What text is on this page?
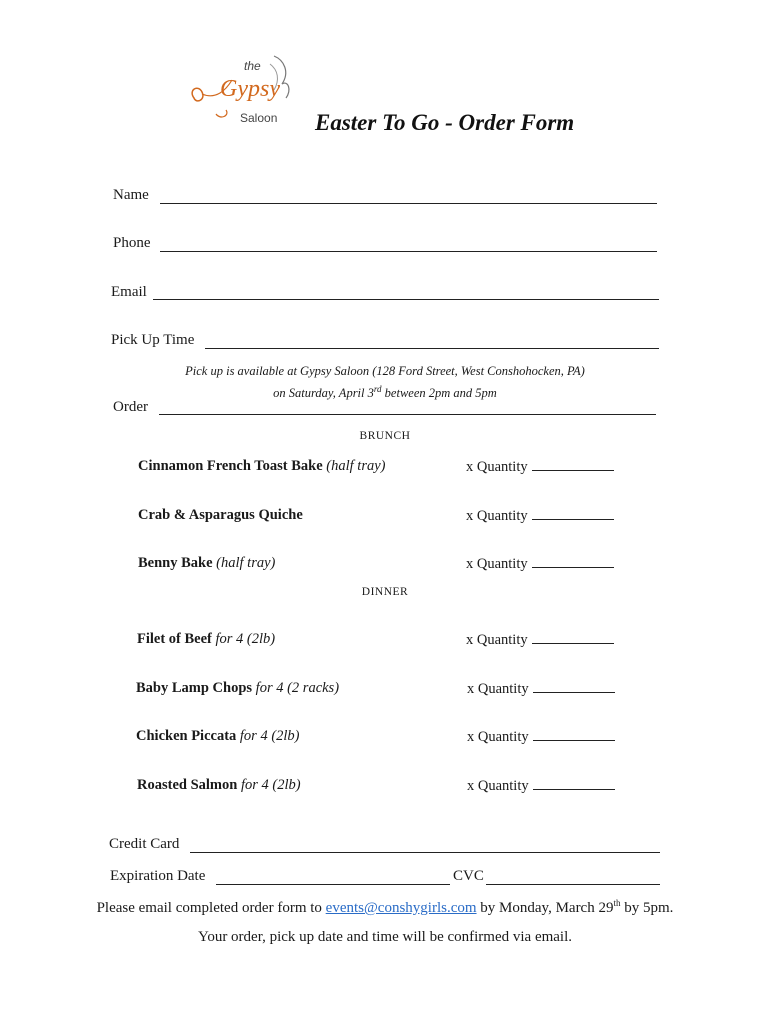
the
Gypsy
Saloon Easter To Go - Order Form
Name
Phone
Email
Pick Up Time
Pick up is available at Gypsy Saloon (128 Ford Street, West Conshohocken, PA)
on Saturday, April 3rd between 2pm and 5pm
Order
BRUNCH
Cinnamon French Toast Bake (half tray)	x Quantity
Crab & Asparagus Quiche	x Quantity
Benny Bake (half tray)	x Quantity
DINNER
Filet of Beef for 4 (2lb)	x Quantity
Baby Lamp Chops for 4 (2 racks)	x Quantity
Chicken Piccata for 4 (2lb)	x Quantity
Roasted Salmon for 4 (2lb)	x Quantity
Credit Card
Expiration Date	CVC
Please email completed order form to events@conshygirls.com by Monday, March 29th by 5pm.
Your order, pick up date and time will be confirmed via email.
